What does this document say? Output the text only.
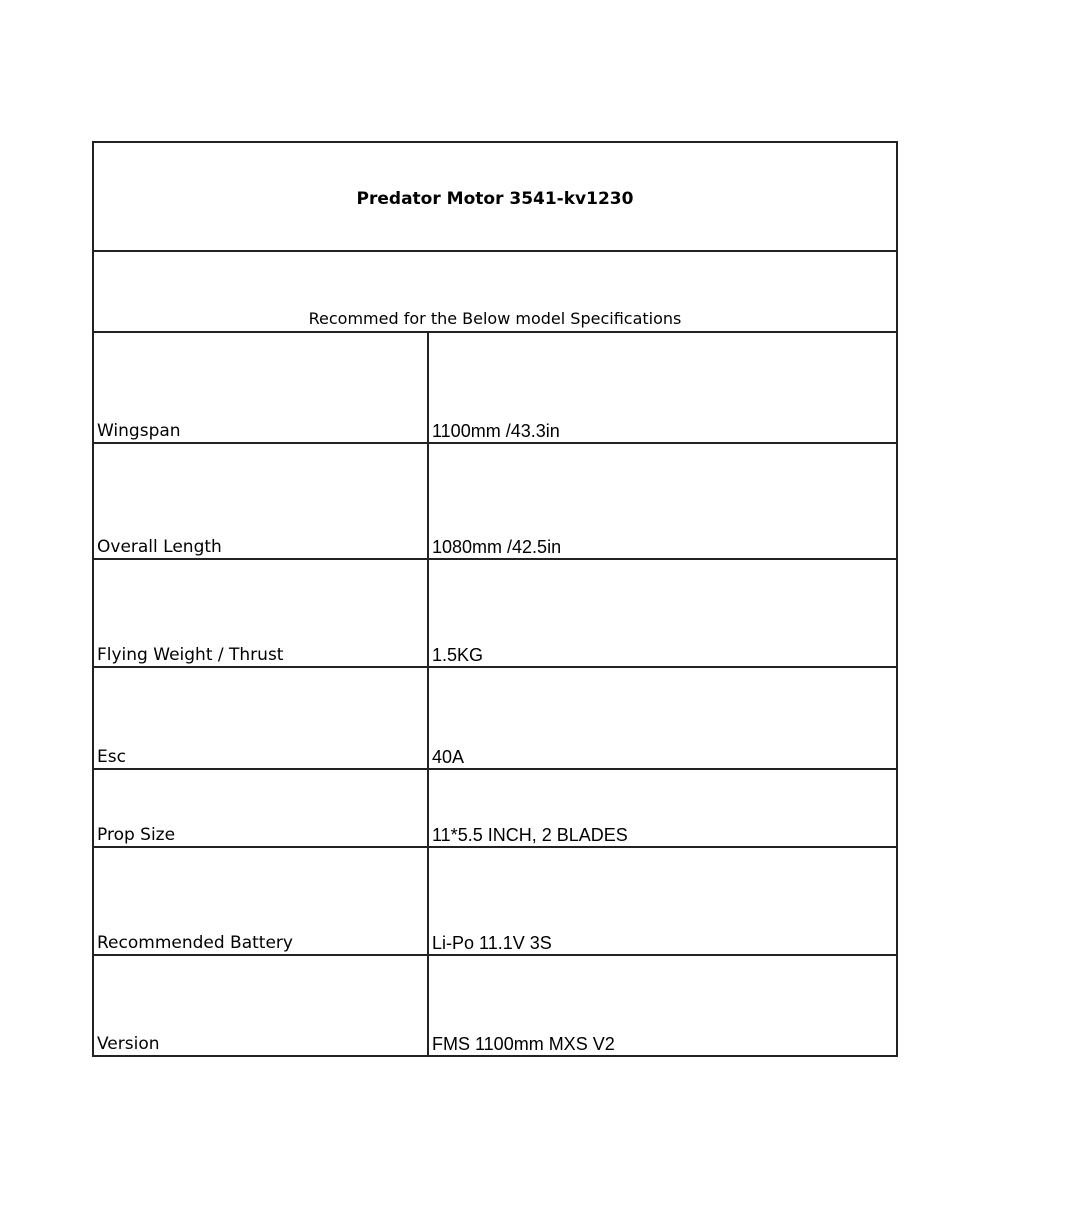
Predator Motor 3541-kv1230
Recommed for the Below model Specifications
Wingspan	1100mm /43.3in
Overall Length	1080mm /42.5in
Flying Weight / Thrust	1.5KG
Esc	40A
Prop Size	11*5.5 INCH, 2 BLADES
Recommended Battery	Li-Po 11.1V 3S
Version	FMS 1100mm MXS V2
